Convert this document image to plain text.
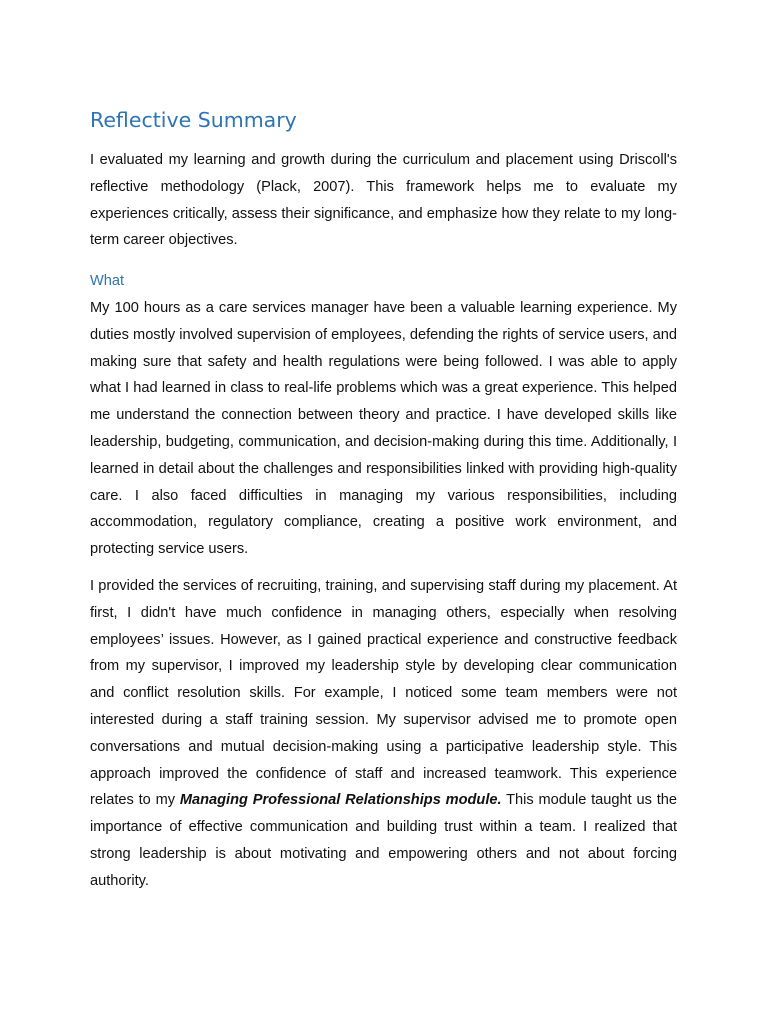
Reflective Summary

I evaluated my learning and growth during the curriculum and placement using Driscoll's reflective methodology (Plack, 2007). This framework helps me to evaluate my experiences critically, assess their significance, and emphasize how they relate to my long-term career objectives.

What

My 100 hours as a care services manager have been a valuable learning experience. My duties mostly involved supervision of employees, defending the rights of service users, and making sure that safety and health regulations were being followed. I was able to apply what I had learned in class to real-life problems which was a great experience. This helped me understand the connection between theory and practice. I have developed skills like leadership, budgeting, communication, and decision-making during this time. Additionally, I learned in detail about the challenges and responsibilities linked with providing high-quality care. I also faced difficulties in managing my various responsibilities, including accommodation, regulatory compliance, creating a positive work environment, and protecting service users.

I provided the services of recruiting, training, and supervising staff during my placement. At first, I didn't have much confidence in managing others, especially when resolving employees’ issues. However, as I gained practical experience and constructive feedback from my supervisor, I improved my leadership style by developing clear communication and conflict resolution skills. For example, I noticed some team members were not interested during a staff training session. My supervisor advised me to promote open conversations and mutual decision-making using a participative leadership style. This approach improved the confidence of staff and increased teamwork. This experience relates to my Managing Professional Relationships module. This module taught us the importance of effective communication and building trust within a team. I realized that strong leadership is about motivating and empowering others and not about forcing authority.
